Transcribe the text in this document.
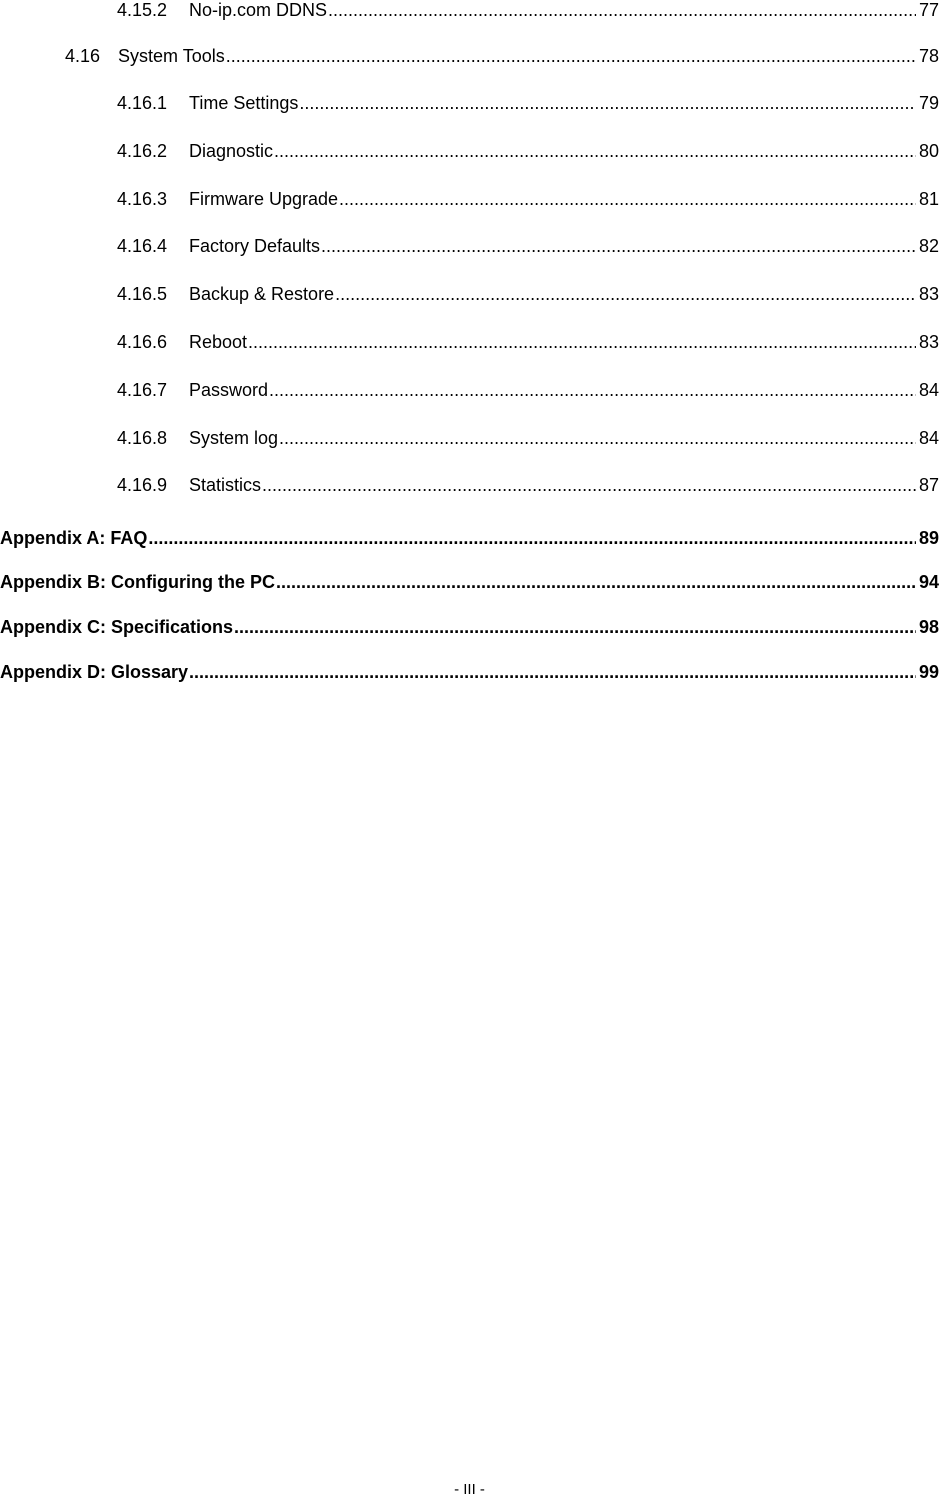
4.15.2	No-ip.com DDNS .....	77
4.16 System Tools .....	78
4.16.1	Time Settings .....	79
4.16.2	Diagnostic .....	80
4.16.3	Firmware Upgrade .....	81
4.16.4	Factory Defaults .....	82
4.16.5	Backup & Restore .....	83
4.16.6	Reboot .....	83
4.16.7	Password .....	84
4.16.8	System log .....	84
4.16.9	Statistics .....	87
Appendix A: FAQ .....	89
Appendix B: Configuring the PC .....	94
Appendix C: Specifications .....	98
Appendix D: Glossary .....	99
- III -
